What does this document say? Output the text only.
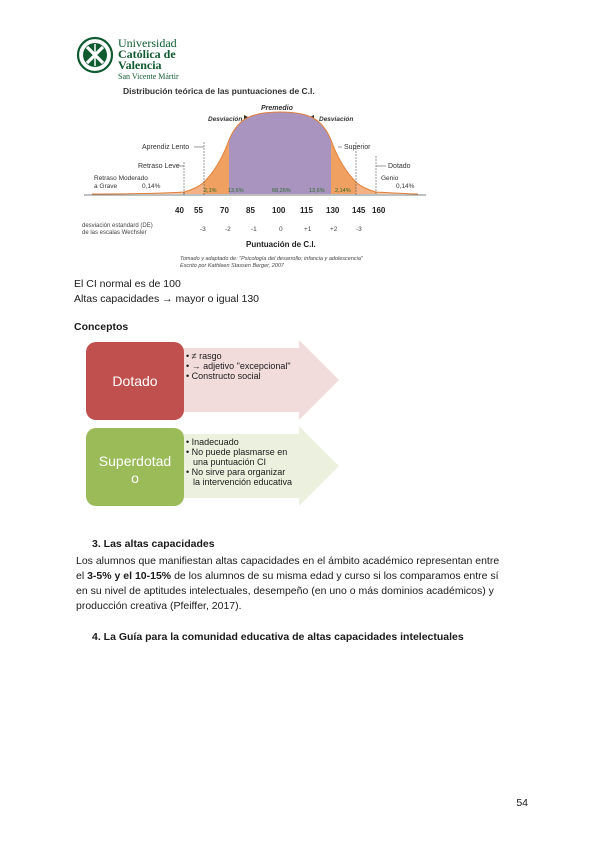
Universidad
Católica de
Valencia
San Vicente Mártir
Distribución teórica de las puntuaciones de C.I.
Premedio
Desviación	Desviación
Aprendiz Lento	Superior
Retraso Leve	Dotado
Retraso Moderado
a Grave	0,14%
Genio
0,14%
2,1% 13,6%	68,26%	13,6% 2,14%
40 55 70 85 100 115 130 145 160
desviación estandard (DE)
de las escalas Wechsler	-3	-2	-1	0	+1	+2	-3
Puntuación de C.I.
Tomado y adaptado de: "Psicología del desarrollo; infancia y adolescencia"
Escrito por Kathleen Stassen Berger, 2007
El CI normal es de 100
Altas capacidades → mayor o igual 130
Conceptos
Dotado
Superdotad
o
• ≠ rasgo
• → adjetivo "excepcional"
• Constructo social
• Inadecuado
• No puede plasmarse en
una puntuación CI
• No sirve para organizar
la intervención educativa
3. Las altas capacidades
Los alumnos que manifiestan altas capacidades en el ámbito académico representan entre
el 3-5% y el 10-15% de los alumnos de su misma edad y curso si los comparamos entre sí
en su nivel de aptitudes intelectuales, desempeño (en uno o más dominios académicos) y
producción creativa (Pfeiffer, 2017).
4. La Guía para la comunidad educativa de altas capacidades intelectuales
54
